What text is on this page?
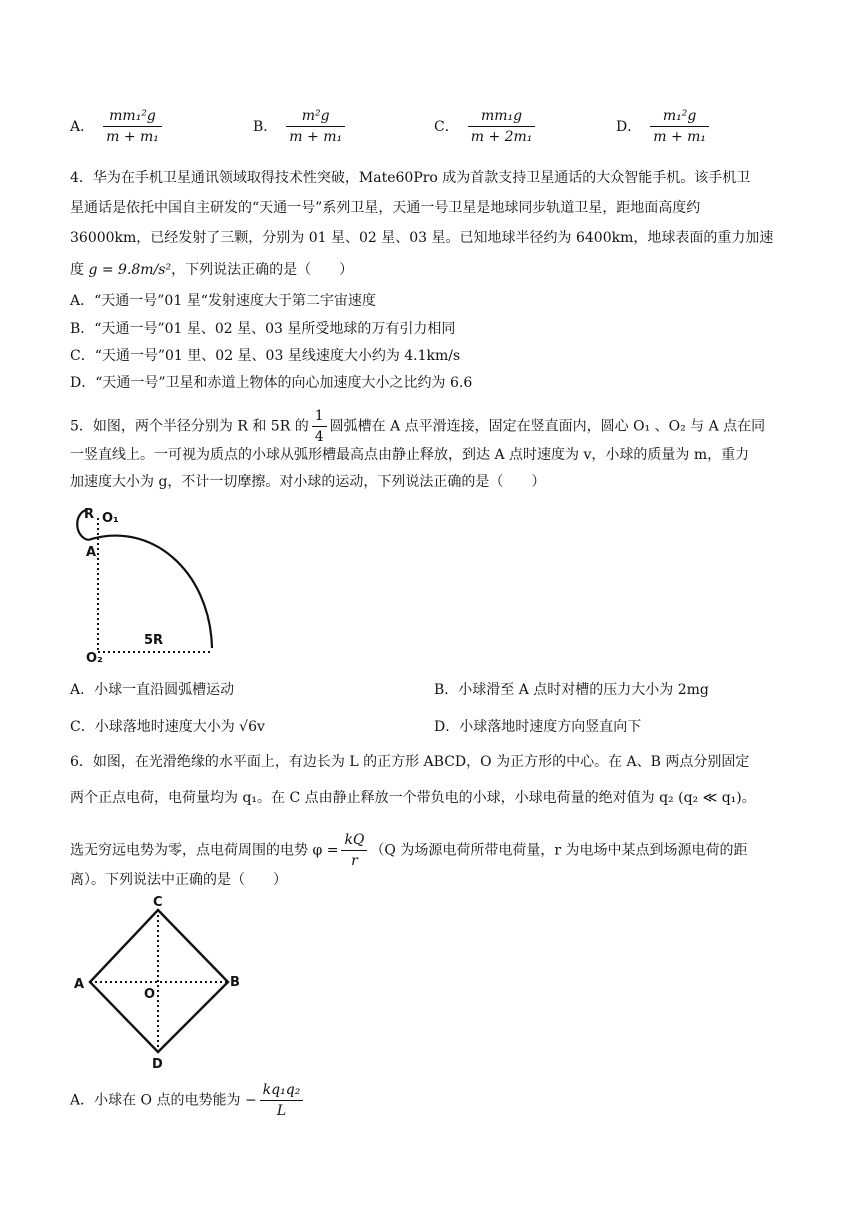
A． $\frac{\text{mm₁²g}}{\text{m + m₁}}$	B． $\frac{\text{m²g}}{\text{m + m₁}}$	C． $\frac{\text{mm₁g}}{\text{m + 2m₁}}$	D． $\frac{\text{m₁²g}}{\text{m + m₁}}$
4．华为在手机卫星通讯领域取得技术性突破，Mate60Pro 成为首款支持卫星通话的大众智能手机。该手机卫
星通话是依托中国自主研发的“天通一号”系列卫星，天通一号卫星是地球同步轨道卫星，距地面高度约
36000km，已经发射了三颗，分别为 01 星、02 星、03 星。已知地球半径约为 6400km，地球表面的重力加速
度 g = 9.8m/s²，下列说法正确的是（　　）
A．“天通一号”01 星“发射速度大于第二宇宙速度
B．“天通一号”01 星、02 星、03 星所受地球的万有引力相同
C．“天通一号”01 里、02 星、03 星线速度大小约为 4.1km/s
D．“天通一号”卫星和赤道上物体的向心加速度大小之比约为 6.6
5．如图，两个半径分别为 R 和 5R 的 $\frac{1}{4}$ 圆弧槽在 A 点平滑连接，固定在竖直面内，圆心 O₁ 、O₂ 与 A 点在同
一竖直线上。一可视为质点的小球从弧形槽最高点由静止释放，到达 A 点时速度为 v，小球的质量为 m，重力
加速度大小为 g，不计一切摩擦。对小球的运动，下列说法正确的是（　　）
R O₁
A
O₂
5R
A．小球一直沿圆弧槽运动	B．小球滑至 A 点时对槽的压力大小为 2mg
C．小球落地时速度大小为 √6v	D．小球落地时速度方向竖直向下
6．如图，在光滑绝缘的水平面上，有边长为 L 的正方形 ABCD，O 为正方形的中心。在 A、B 两点分别固定
两个正点电荷，电荷量均为 q₁。在 C 点由静止释放一个带负电的小球，小球电荷量的绝对值为 q₂ (q₂ ≪ q₁)。
选无穷远电势为零，点电荷周围的电势 $\varphi = \frac{kQ}{r} (Q$ 为场源电荷所带电荷量，r 为电场中某点到场源电荷的距
离）。下列说法中正确的是（　　）
C
A	B
O
D
A．小球在 O 点的电势能为 − $\frac{\text{kq₁q₂}}{L}$
